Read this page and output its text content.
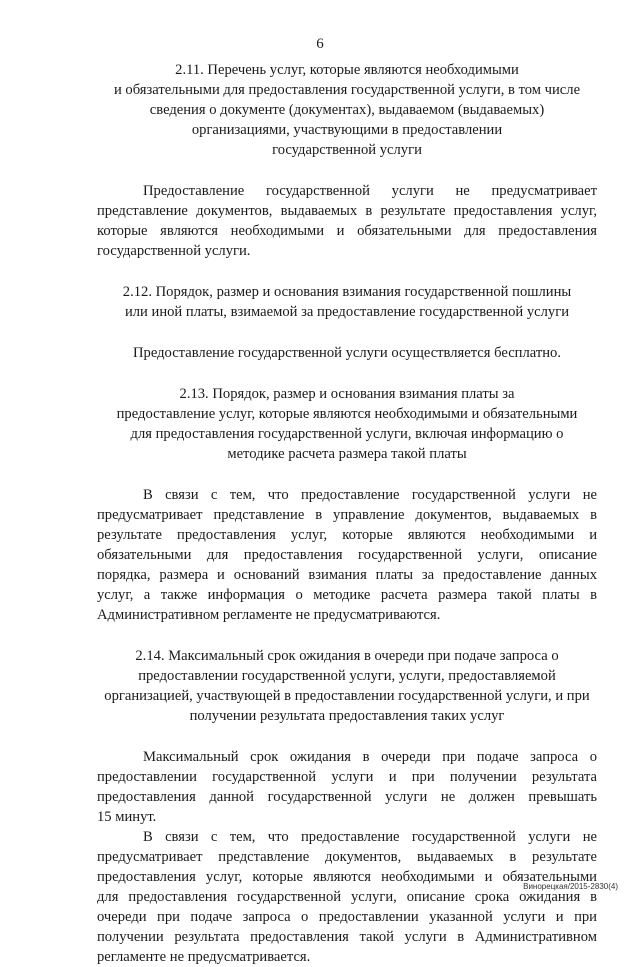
6
2.11. Перечень услуг, которые являются необходимыми
и обязательными для предоставления государственной услуги, в том числе
сведения о документе (документах), выдаваемом (выдаваемых)
организациями, участвующими в предоставлении
государственной услуги
Предоставление государственной услуги не предусматривает
представление документов, выдаваемых в результате предоставления услуг,
которые являются необходимыми и обязательными для предоставления
государственной услуги.
2.12. Порядок, размер и основания взимания государственной пошлины
или иной платы, взимаемой за предоставление государственной услуги
Предоставление государственной услуги осуществляется бесплатно.
2.13. Порядок, размер и основания взимания платы за
предоставление услуг, которые являются необходимыми и обязательными
для предоставления государственной услуги, включая информацию о
методике расчета размера такой платы
В связи с тем, что предоставление государственной услуги не
предусматривает представление в управление документов, выдаваемых в
результате предоставления услуг, которые являются необходимыми и
обязательными для предоставления государственной услуги, описание
порядка, размера и оснований взимания платы за предоставление данных
услуг, а также информация о методике расчета размера такой платы в
Административном регламенте не предусматриваются.
2.14. Максимальный срок ожидания в очереди при подаче запроса о
предоставлении государственной услуги, услуги, предоставляемой
организацией, участвующей в предоставлении государственной услуги, и при
получении результата предоставления таких услуг
Максимальный срок ожидания в очереди при подаче запроса о
предоставлении государственной услуги и при получении результата
предоставления данной государственной услуги не должен превышать
15 минут.
В связи с тем, что предоставление государственной услуги не
предусматривает представление документов, выдаваемых в результате
предоставления услуг, которые являются необходимыми и обязательными
для предоставления государственной услуги, описание срока ожидания в
очереди при подаче запроса о предоставлении указанной услуги и при
получении результата предоставления такой услуги в Административном
регламенте не предусматривается.
Винорецкая/2015-2830(4)
